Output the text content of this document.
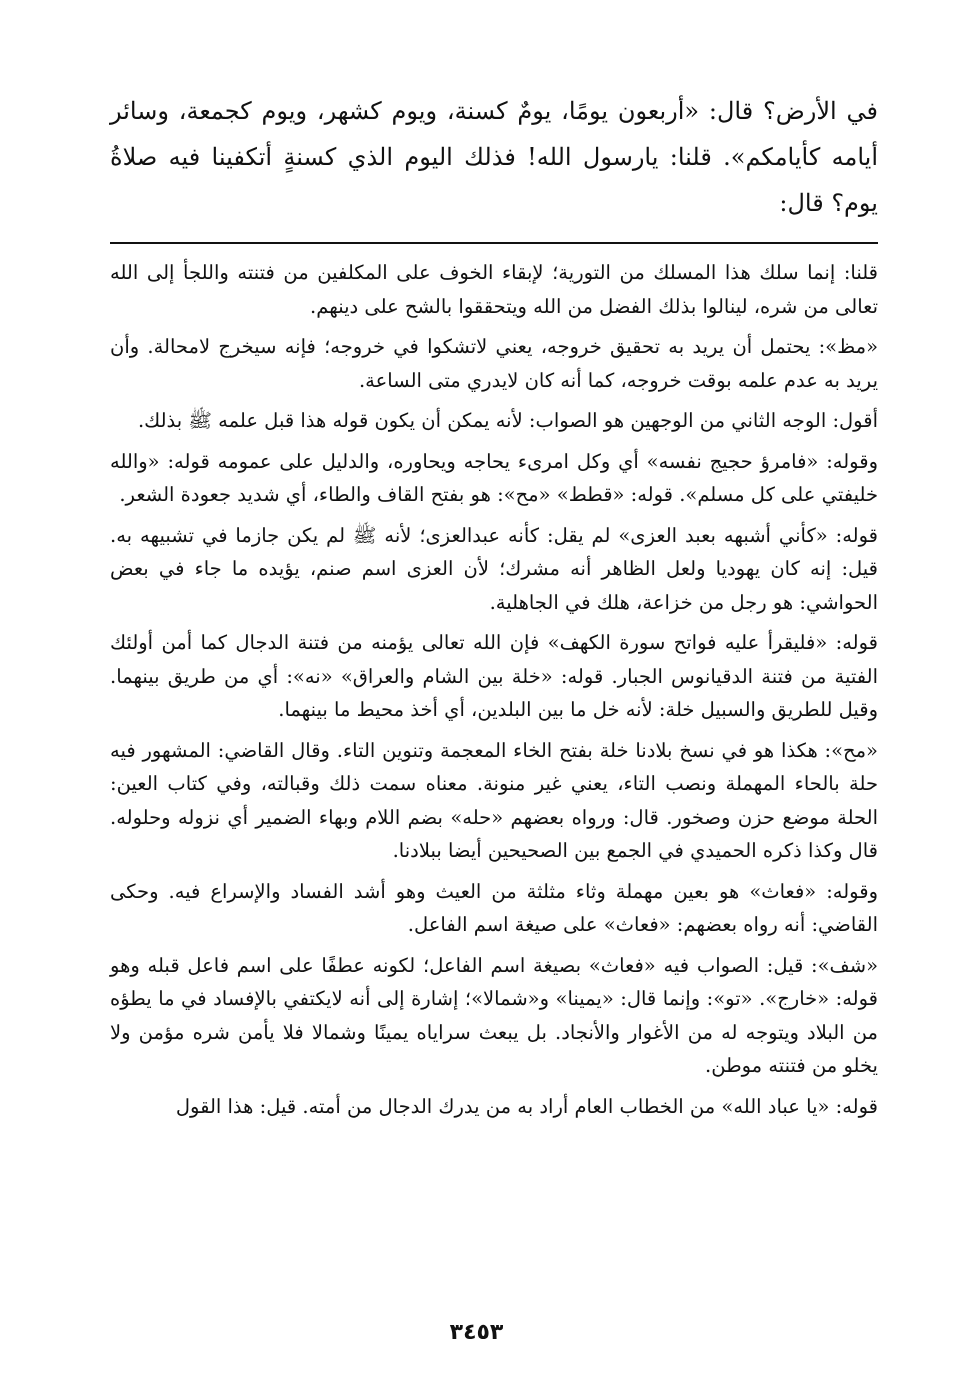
في الأرض؟ قال: «أربعون يومًا، يومٌ كسنة، ويوم كشهر، ويوم كجمعة، وسائر أيامه كأيامكم». قلنا: يارسول الله! فذلك اليوم الذي كسنةٍ أتكفينا فيه صلاةُ يوم؟ قال:

قلنا: إنما سلك هذا المسلك من التورية؛ لإبقاء الخوف على المكلفين من فتنته واللجأ إلى الله تعالى من شره، لينالوا بذلك الفضل من الله ويتحققوا بالشح على دينهم.

«مظ»: يحتمل أن يريد به تحقيق خروجه، يعني لاتشكوا في خروجه؛ فإنه سيخرج لامحالة. وأن يريد به عدم علمه بوقت خروجه، كما أنه كان لايدري متى الساعة.

أقول: الوجه الثاني من الوجهين هو الصواب: لأنه يمكن أن يكون قوله هذا قبل علمه ﷺ بذلك.

وقوله: «فامرؤ حجيج نفسه» أي وكل امرىء يحاجه ويحاوره، والدليل على عمومه قوله: «والله خليفتي على كل مسلم». قوله: «قطط» «مح»: هو بفتح القاف والطاء، أي شديد جعودة الشعر.

قوله: «كأني أشبهه بعبد العزى» لم يقل: كأنه عبدالعزى؛ لأنه ﷺ لم يكن جازما في تشبيهه به. قيل: إنه كان يهوديا ولعل الظاهر أنه مشرك؛ لأن العزى اسم صنم، يؤيده ما جاء في بعض الحواشي: هو رجل من خزاعة، هلك في الجاهلية.

قوله: «فليقرأ عليه فواتح سورة الكهف» فإن الله تعالى يؤمنه من فتنة الدجال كما أمن أولئك الفتية من فتنة الدقيانوس الجبار. قوله: «خلة بين الشام والعراق» «نه»: أي من طريق بينهما. وقيل للطريق والسبيل خلة: لأنه خل ما بين البلدين، أي أخذ محيط ما بينهما.

«مح»: هكذا هو في نسخ بلادنا خلة بفتح الخاء المعجمة وتنوين التاء. وقال القاضي: المشهور فيه حلة بالحاء المهملة ونصب التاء، يعني غير منونة. معناه سمت ذلك وقبالته، وفي كتاب العين: الحلة موضع حزن وصخور. قال: ورواه بعضهم «حله» بضم اللام وبهاء الضمير أي نزوله وحلوله. قال وكذا ذكره الحميدي في الجمع بين الصحيحين أيضا ببلادنا.

وقوله: «فعاث» هو بعين مهملة وثاء مثلثة من العيث وهو أشد الفساد والإسراع فيه. وحكى القاضي: أنه رواه بعضهم: «فعاث» على صيغة اسم الفاعل.

«شف»: قيل: الصواب فيه «فعاث» بصيغة اسم الفاعل؛ لكونه عطفًا على اسم فاعل قبله وهو قوله: «خارج». «تو»: وإنما قال: «يمينا» و«شمالا»؛ إشارة إلى أنه لايكتفي بالإفساد في ما يطؤه من البلاد ويتوجه له من الأغوار والأنجاد. بل يبعث سراياه يمينًا وشمالا فلا يأمن شره مؤمن ولا يخلو من فتنته موطن.

قوله: «يا عباد الله» من الخطاب العام أراد به من يدرك الدجال من أمته. قيل: هذا القول

٣٤٥٣
